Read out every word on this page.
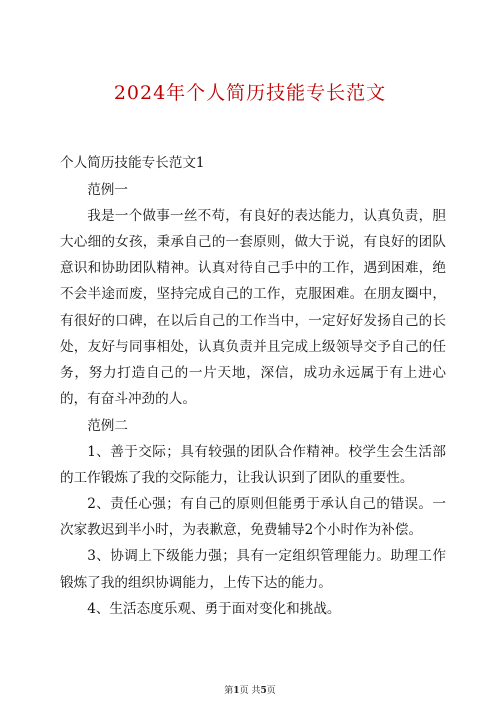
2024年个人简历技能专长范文

个人简历技能专长范文1

范例一

我是一个做事一丝不苟，有良好的表达能力，认真负责，胆大心细的女孩，秉承自己的一套原则，做大于说，有良好的团队意识和协助团队精神。认真对待自己手中的工作，遇到困难，绝不会半途而废，坚持完成自己的工作，克服困难。在朋友圈中，有很好的口碑，在以后自己的工作当中，一定好好发扬自己的长处，友好与同事相处，认真负责并且完成上级领导交予自己的任务，努力打造自己的一片天地，深信，成功永远属于有上进心的，有奋斗冲劲的人。

范例二

1、善于交际；具有较强的团队合作精神。校学生会生活部的工作锻炼了我的交际能力，让我认识到了团队的重要性。

2、责任心强；有自己的原则但能勇于承认自己的错误。一次家教迟到半小时，为表歉意，免费辅导2个小时作为补偿。

3、协调上下级能力强；具有一定组织管理能力。助理工作锻炼了我的组织协调能力，上传下达的能力。

4、生活态度乐观、勇于面对变化和挑战。

第1页 共5页
